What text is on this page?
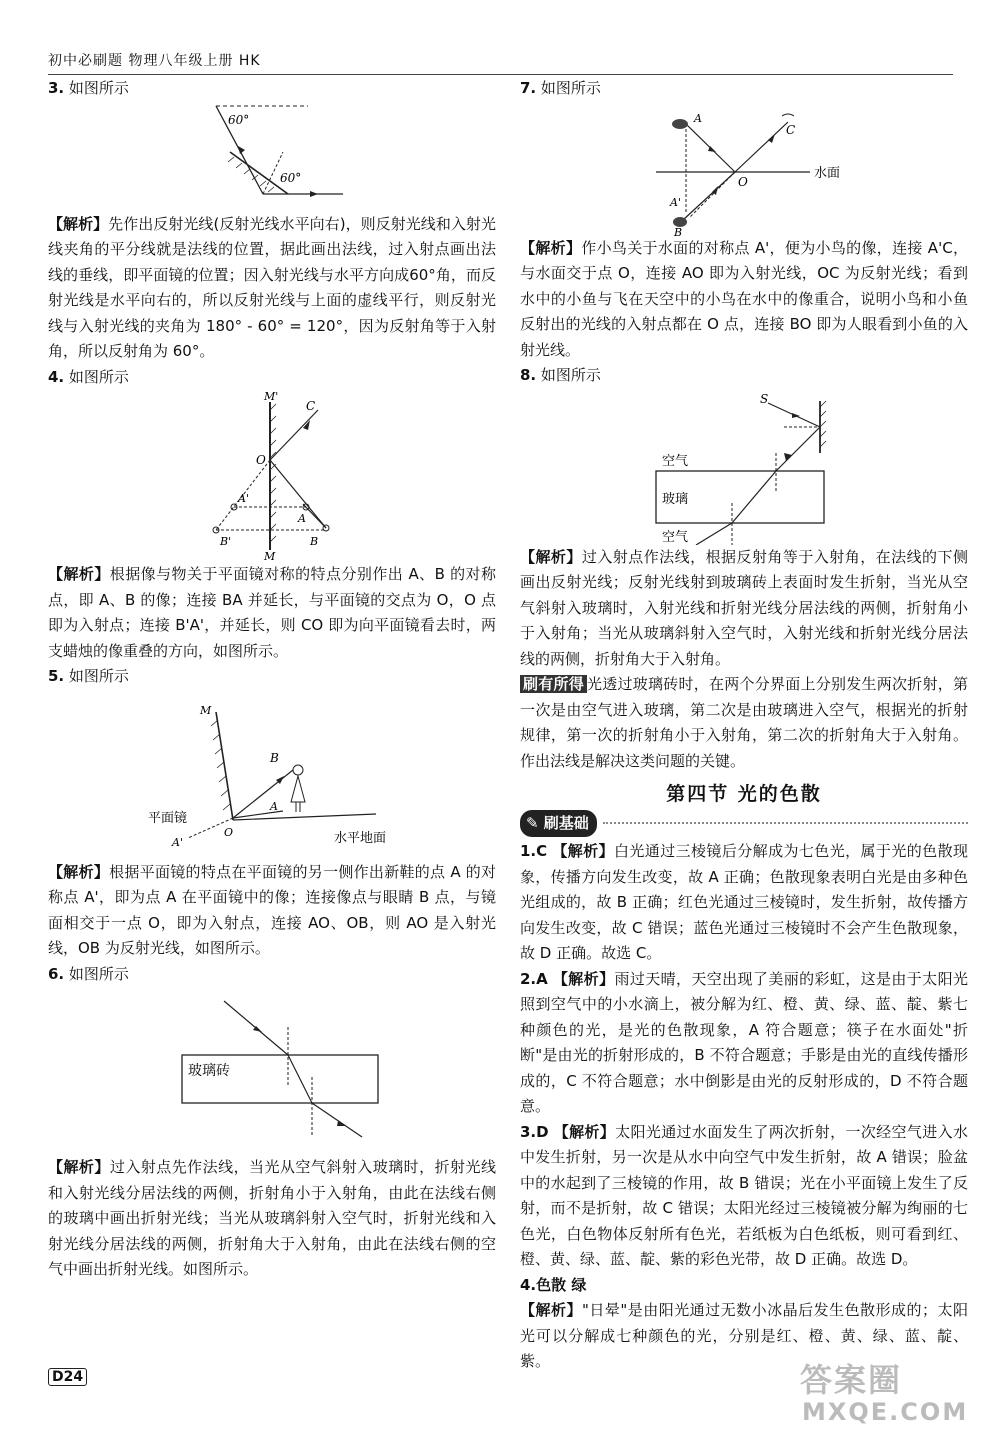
初中必刷题 物理八年级上册 HK
3. 如图所示
60°
60°
【解析】先作出反射光线(反射光线水平向右)，则反射光线和入射光线夹角的平分线就是法线的位置，据此画出法线，过入射点画出法线的垂线，即平面镜的位置；因入射光线与水平方向成60°角，而反射光线是水平向右的，所以反射光线与上面的虚线平行，则反射光线与入射光线的夹角为 180° - 60° = 120°，因为反射角等于入射角，所以反射角为 60°。
4. 如图所示
M'
M
C
O
A'
A
B'	B
【解析】根据像与物关于平面镜对称的特点分别作出 A、B 的对称点，即 A、B 的像；连接 BA 并延长，与平面镜的交点为 O，O 点即为入射点；连接 B'A'，并延长，则 CO 即为向平面镜看去时，两支蜡烛的像重叠的方向，如图所示。
5. 如图所示
M
B
A
O
A'
平面镜
水平地面
【解析】根据平面镜的特点在平面镜的另一侧作出新鞋的点 A 的对称点 A'，即为点 A 在平面镜中的像；连接像点与眼睛 B 点，与镜面相交于一点 O，即为入射点，连接 AO、OB，则 AO 是入射光线，OB 为反射光线，如图所示。
6. 如图所示
玻璃砖
【解析】过入射点先作法线，当光从空气斜射入玻璃时，折射光线和入射光线分居法线的两侧，折射角小于入射角，由此在法线右侧的玻璃中画出折射光线；当光从玻璃斜射入空气时，折射光线和入射光线分居法线的两侧，折射角大于入射角，由此在法线右侧的空气中画出折射光线。如图所示。
7. 如图所示
A
C
O
A'
B
水面
【解析】作小鸟关于水面的对称点 A'，便为小鸟的像，连接 A'C，与水面交于点 O，连接 AO 即为入射光线，OC 为反射光线；看到水中的小鱼与飞在天空中的小鸟在水中的像重合，说明小鸟和小鱼反射出的光线的入射点都在 O 点，连接 BO 即为人眼看到小鱼的入射光线。
8. 如图所示
S
空气
玻璃
空气
【解析】过入射点作法线，根据反射角等于入射角，在法线的下侧画出反射光线；反射光线射到玻璃砖上表面时发生折射，当光从空气斜射入玻璃时，入射光线和折射光线分居法线的两侧，折射角小于入射角；当光从玻璃斜射入空气时，入射光线和折射光线分居法线的两侧，折射角大于入射角。
刷有所得 光透过玻璃砖时，在两个分界面上分别发生两次折射，第一次是由空气进入玻璃，第二次是由玻璃进入空气，根据光的折射规律，第一次的折射角小于入射角，第二次的折射角大于入射角。作出法线是解决这类问题的关键。
第四节 光的色散
✎ 刷基础
1.C 【解析】白光通过三棱镜后分解成为七色光，属于光的色散现象，传播方向发生改变，故 A 正确；色散现象表明白光是由多种色光组成的，故 B 正确；红色光通过三棱镜时，发生折射，故传播方向发生改变，故 C 错误；蓝色光通过三棱镜时不会产生色散现象，故 D 正确。故选 C。
2.A 【解析】雨过天晴，天空出现了美丽的彩虹，这是由于太阳光照到空气中的小水滴上，被分解为红、橙、黄、绿、蓝、靛、紫七种颜色的光，是光的色散现象，A 符合题意；筷子在水面处"折断"是由光的折射形成的，B 不符合题意；手影是由光的直线传播形成的，C 不符合题意；水中倒影是由光的反射形成的，D 不符合题意。
3.D 【解析】太阳光通过水面发生了两次折射，一次经空气进入水中发生折射，另一次是从水中向空气中发生折射，故 A 错误；脸盆中的水起到了三棱镜的作用，故 B 错误；光在小平面镜上发生了反射，而不是折射，故 C 错误；太阳光经过三棱镜被分解为绚丽的七色光，白色物体反射所有色光，若纸板为白色纸板，则可看到红、橙、黄、绿、蓝、靛、紫的彩色光带，故 D 正确。故选 D。
4.色散 绿
【解析】"日晕"是由阳光通过无数小冰晶后发生色散形成的；太阳光可以分解成七种颜色的光，分别是红、橙、黄、绿、蓝、靛、紫。
D24	答案圈
MXQE.COM
